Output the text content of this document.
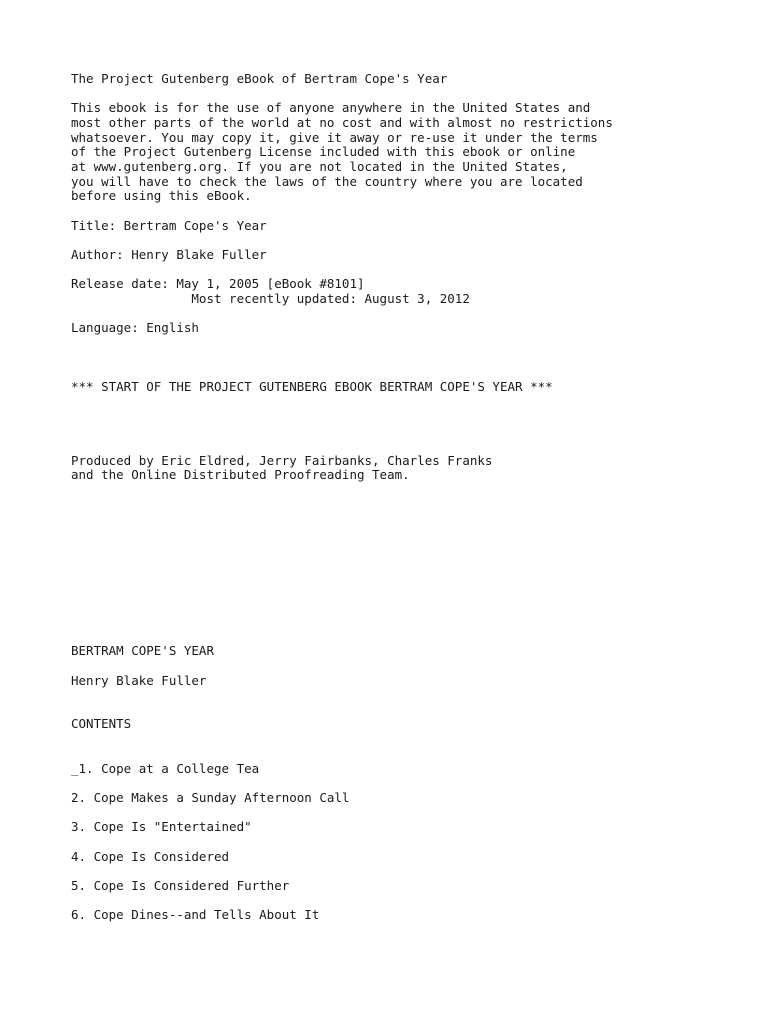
The Project Gutenberg eBook of Bertram Cope's Year
This ebook is for the use of anyone anywhere in the United States and
most other parts of the world at no cost and with almost no restrictions
whatsoever. You may copy it, give it away or re-use it under the terms
of the Project Gutenberg License included with this ebook or online
at www.gutenberg.org. If you are not located in the United States,
you will have to check the laws of the country where you are located
before using this eBook.
Title: Bertram Cope's Year
Author: Henry Blake Fuller
Release date: May 1, 2005 [eBook #8101]
Most recently updated: August 3, 2012
Language: English
*** START OF THE PROJECT GUTENBERG EBOOK BERTRAM COPE'S YEAR ***
Produced by Eric Eldred, Jerry Fairbanks, Charles Franks
and the Online Distributed Proofreading Team.
BERTRAM COPE'S YEAR
Henry Blake Fuller
CONTENTS
_1. Cope at a College Tea
2. Cope Makes a Sunday Afternoon Call
3. Cope Is "Entertained"
4. Cope Is Considered
5. Cope Is Considered Further
6. Cope Dines--and Tells About It
